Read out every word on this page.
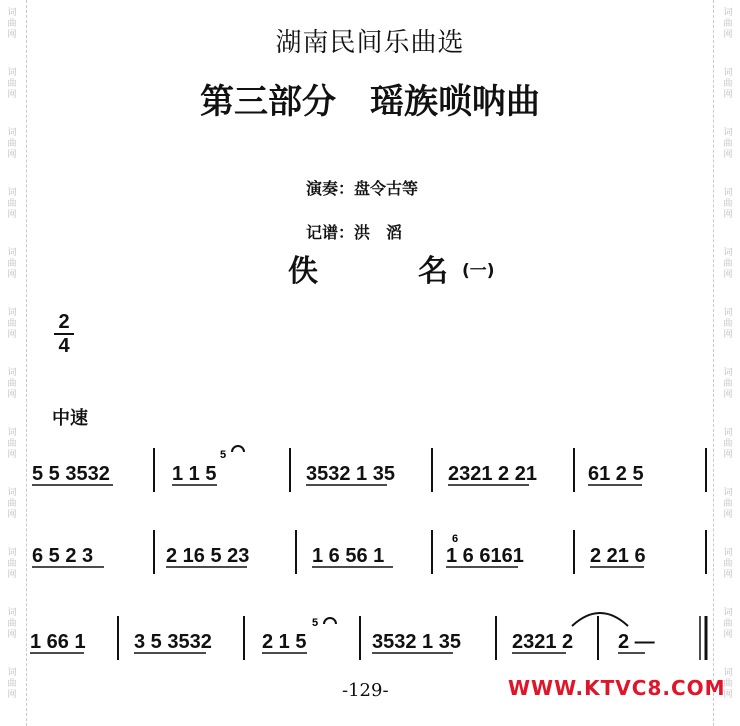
词
曲
网
词
曲
网
词
曲
网
词
曲
网
词
曲
网
词
曲
网
词
曲
网
词
曲
网
词
曲
网
词
曲
网
词
曲
网
词
曲
网
词
曲
网
词
曲
网
词
曲
网
词
曲
网
词
曲
网
词
曲
网
词
曲
网
词
曲
网
词
曲
网
词
曲
网
词
曲
网
词
曲
网
湖南民间乐曲选
第三部分　瑶族唢呐曲
演奏：盘令古等
记谱：洪　滔
佚	名 (一)
2
4
中速
5 5 3532	1 1 5	3532 1 35	2321 2 21	61 2 5
6 5 2 3	2 16 5 23	1 6 56 1	1 6 6161	2 21 6
1 66 1 3 5 3532	2 1 5	3532 1 35	2321 2 2 —
5
6
5
-129-	WWW.KTVC8.COM
